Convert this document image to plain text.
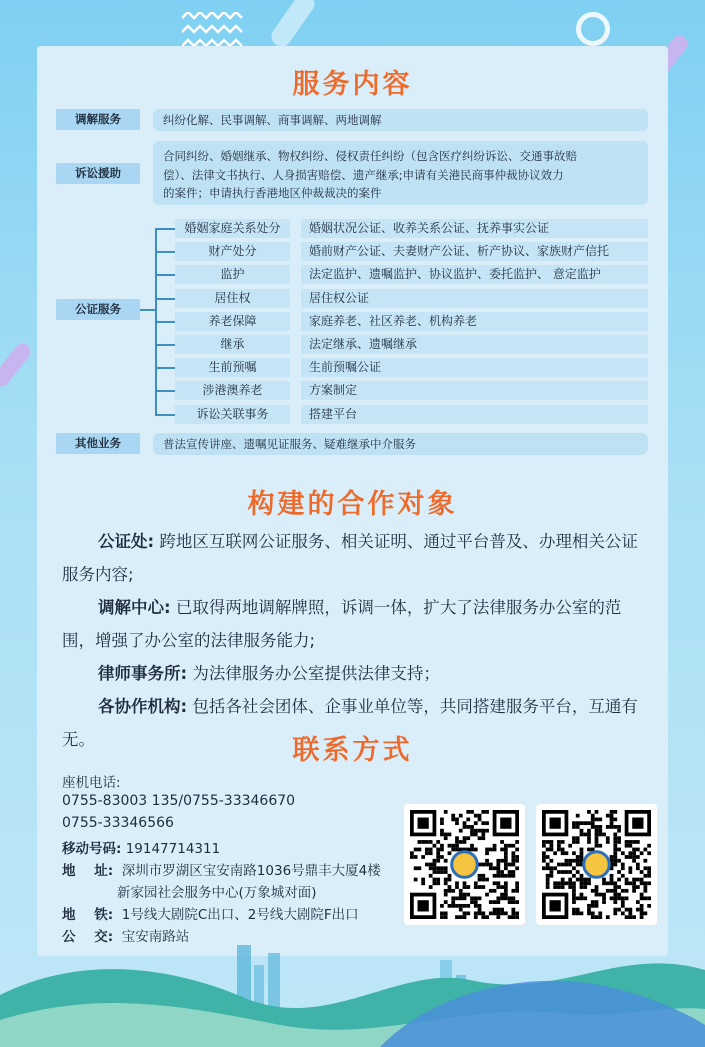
服务内容
调解服务	纠纷化解、民事调解、商事调解、两地调解
诉讼援助
合同纠纷、婚姻继承、物权纠纷、侵权责任纠纷（包含医疗纠纷诉讼、交通事故赔
偿）、法律文书执行、人身损害赔偿、遗产继承;申请有关港民商事仲裁协议效力
的案件；申请执行香港地区仲裁裁决的案件
公证服务
婚姻家庭关系处分	婚姻状况公证、收养关系公证、抚养事实公证
财产处分	婚前财产公证、夫妻财产公证、析产协议、家族财产信托
监护	法定监护、遗嘱监护、协议监护、委托监护、 意定监护
居住权	居住权公证
养老保障	家庭养老、社区养老、机构养老
继承	法定继承、遗嘱继承
生前预嘱	生前预嘱公证
涉港澳养老	方案制定
诉讼关联事务	搭建平台
其他业务	普法宣传讲座、遗嘱见证服务、疑难继承中介服务
构建的合作对象
公证处: 跨地区互联网公证服务、相关证明、通过平台普及、办理相关公证服务内容;
调解中心: 已取得两地调解牌照，诉调一体，扩大了法律服务办公室的范围，增强了办公室的法律服务能力;
律师事务所: 为法律服务办公室提供法律支持；
各协作机构: 包括各社会团体、企事业单位等，共同搭建服务平台，互通有无。	联系方式
座机电话:
0755-83003 135/0755-33346670
0755-33346566
移动号码: 19147714311
地    址: 深圳市罗湖区宝安南路1036号鼎丰大厦4楼
新家园社会服务中心(万象城对面)
地    铁: 1号线大剧院C出口、2号线大剧院F出口
公    交: 宝安南路站
